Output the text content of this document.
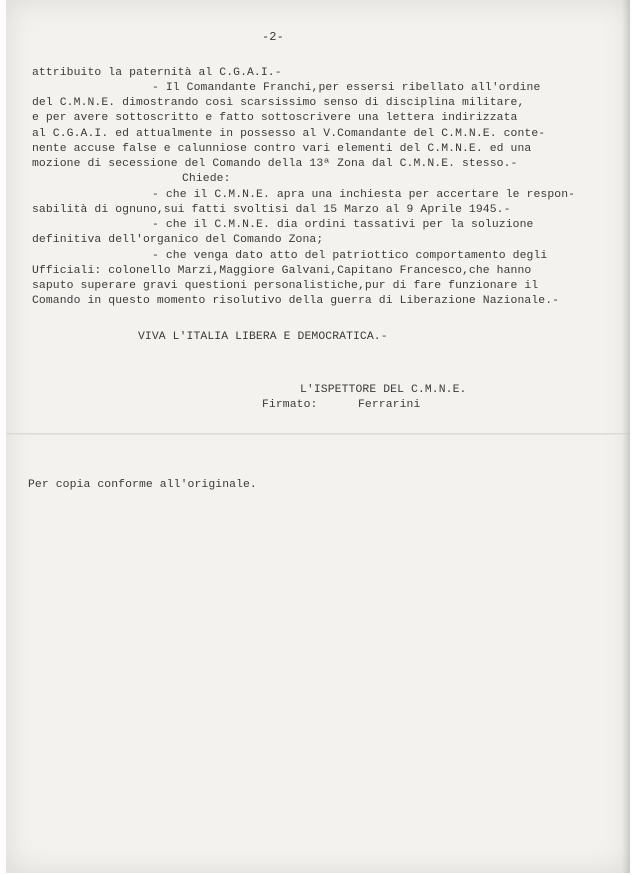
-2-
attribuito la paternità al C.G.A.I.-
- Il Comandante Franchi,per essersi ribellato all'ordine
del C.M.N.E. dimostrando così scarsissimo senso di disciplina militare,
e per avere sottoscritto e fatto sottoscrivere una lettera indirizzata
al C.G.A.I. ed attualmente in possesso al V.Comandante del C.M.N.E. conte-
nente accuse false e calunniose contro vari elementi del C.M.N.E. ed una
mozione di secessione del Comando della 13ª Zona dal C.M.N.E. stesso.-
Chiede:
- che il C.M.N.E. apra una inchiesta per accertare le respon-
sabilità di ognuno,sui fatti svoltisi dal 15 Marzo al 9 Aprile 1945.-
- che il C.M.N.E. dia ordini tassativi per la soluzione
definitiva dell'organico del Comando Zona;
- che venga dato atto del patriottico comportamento degli
Ufficiali: colonello Marzi,Maggiore Galvani,Capitano Francesco,che hanno
saputo superare gravi questioni personalistiche,pur di fare funzionare il
Comando in questo momento risolutivo della guerra di Liberazione Nazionale.-
VIVA L'ITALIA LIBERA E DEMOCRATICA.-
L'ISPETTORE DEL C.M.N.E.
Firmato:	Ferrarini
Per copia conforme all'originale.
